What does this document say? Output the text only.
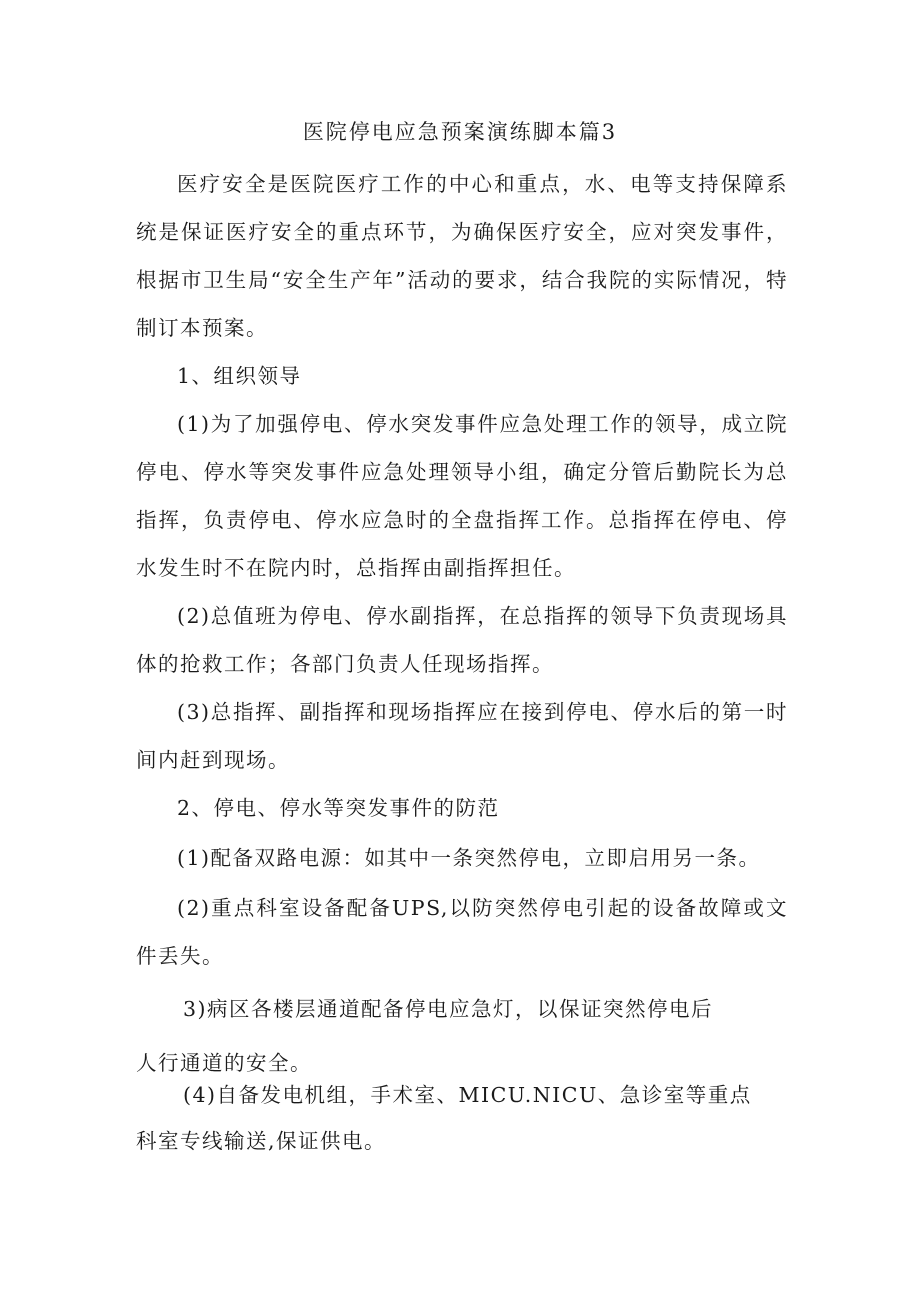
医院停电应急预案演练脚本篇3
医疗安全是医院医疗工作的中心和重点，水、电等支持保障系统是保证医疗安全的重点环节，为确保医疗安全，应对突发事件，根据市卫生局“安全生产年”活动的要求，结合我院的实际情况，特制订本预案。
1、组织领导
(1)为了加强停电、停水突发事件应急处理工作的领导，成立院停电、停水等突发事件应急处理领导小组，确定分管后勤院长为总指挥，负责停电、停水应急时的全盘指挥工作。总指挥在停电、停水发生时不在院内时，总指挥由副指挥担任。
(2)总值班为停电、停水副指挥，在总指挥的领导下负责现场具体的抢救工作；各部门负责人任现场指挥。
(3)总指挥、副指挥和现场指挥应在接到停电、停水后的第一时间内赶到现场。
2、停电、停水等突发事件的防范
(1)配备双路电源：如其中一条突然停电，立即启用另一条。
(2)重点科室设备配备UPS,以防突然停电引起的设备故障或文件丢失。
3)病区各楼层通道配备停电应急灯，以保证突然停电后
人行通道的安全。
(4)自备发电机组，手术室、MICU.NICU、急诊室等重点
科室专线输送,保证供电。
